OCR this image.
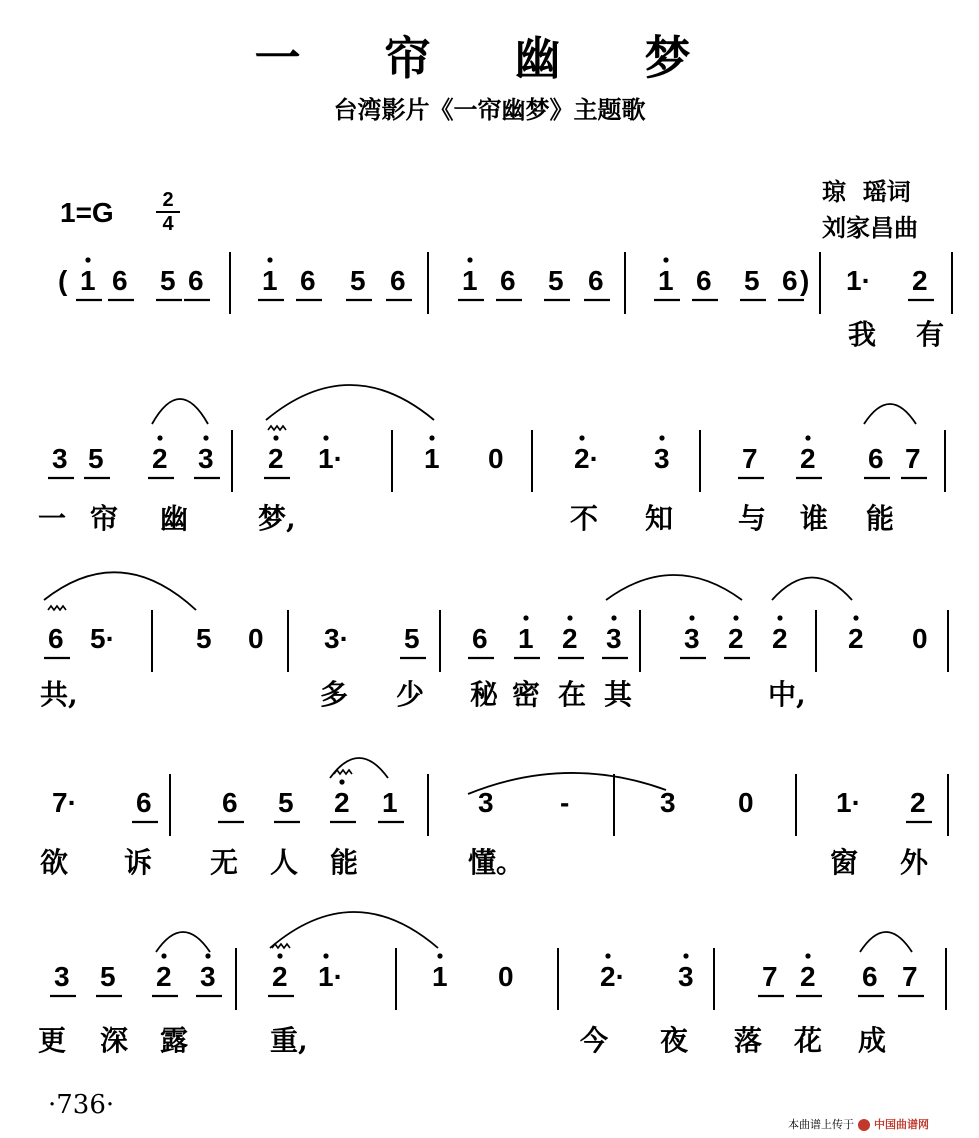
一 帘 幽 梦
台湾影片《一帘幽梦》主题歌
琼  瑶词
刘家昌曲
1=G	2
4
( 1 6 5 6 1 6 5 6 1 6 5 6 1 6 5 6 ) 1· 2
我 有
3 5 2 3 2 1·	1 0	2· 3	7 2 6 7
一 帘 幽 梦,	不 知 与 谁 能
6 5·	5 0 3· 5 6 1 2 3 3 2 2 2 0
共,	多 少 秘 密 在 其	中,
7· 6	6 5 2 1	3 -	3 0	1· 2
欲 诉 无 人 能	懂。	窗 外
3 5 2 3 2 1·	1 0	2· 3 7 2 6 7
更 深 露	重,	今 夜 落 花 成
·736·
本曲谱上传于 中国曲谱网
